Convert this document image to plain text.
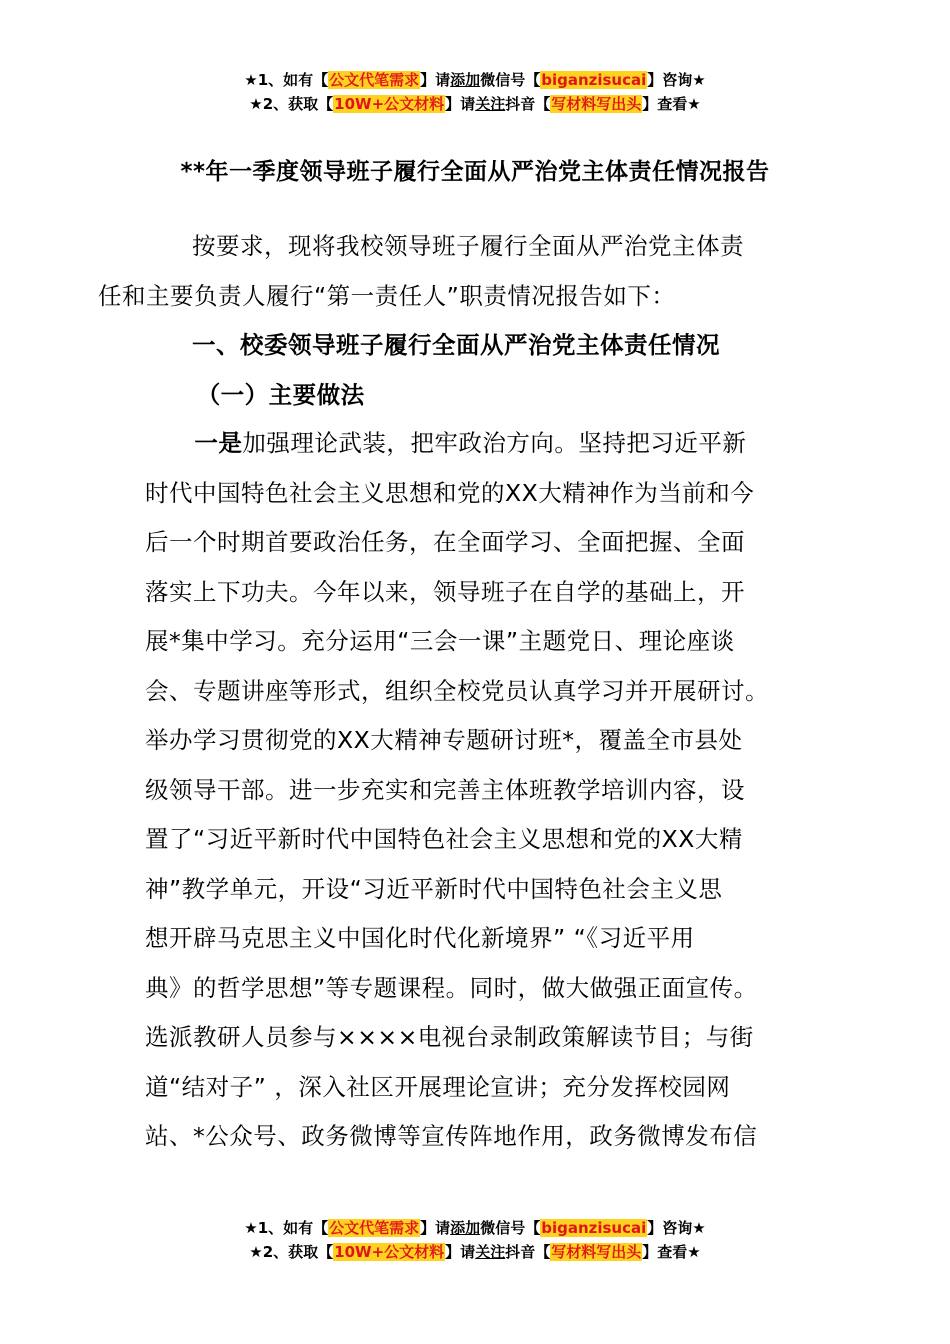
★1、如有【公文代笔需求】请添加微信号【biganzisucai】咨询★
★2、获取【10W+公文材料】请关注抖音【写材料写出头】查看★
**年一季度领导班子履行全面从严治党主体责任情况报告

按要求，现将我校领导班子履行全面从严治党主体责
任和主要负责人履行“第一责任人”职责情况报告如下：

一、校委领导班子履行全面从严治党主体责任情况

（一）主要做法

一是加强理论武装，把牢政治方向。坚持把习近平新
时代中国特色社会主义思想和党的XX大精神作为当前和今
后一个时期首要政治任务，在全面学习、全面把握、全面
落实上下功夫。今年以来，领导班子在自学的基础上，开
展*集中学习。充分运用“三会一课”主题党日、理论座谈
会、专题讲座等形式，组织全校党员认真学习并开展研讨。
举办学习贯彻党的XX大精神专题研讨班*，覆盖全市县处
级领导干部。进一步充实和完善主体班教学培训内容，设
置了“习近平新时代中国特色社会主义思想和党的XX大精
神”教学单元，开设“习近平新时代中国特色社会主义思
想开辟马克思主义中国化时代化新境界” “《习近平用
典》的哲学思想”等专题课程。同时，做大做强正面宣传。
选派教研人员参与××××电视台录制政策解读节目；与街
道“结对子” ，深入社区开展理论宣讲；充分发挥校园网
站、*公众号、政务微博等宣传阵地作用，政务微博发布信
★1、如有【公文代笔需求】请添加微信号【biganzisucai】咨询★
★2、获取【10W+公文材料】请关注抖音【写材料写出头】查看★
